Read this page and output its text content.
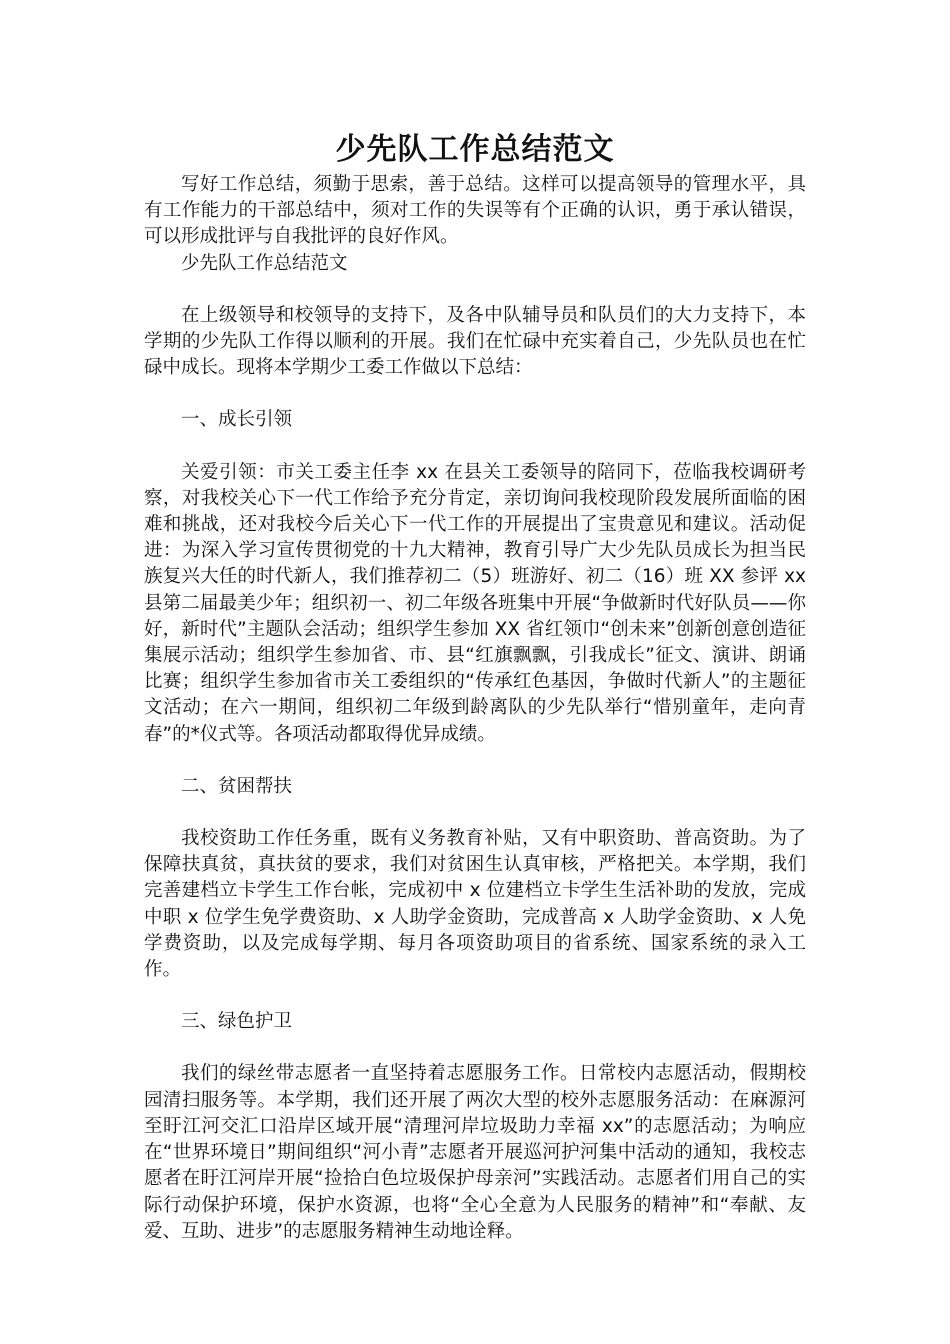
少先队工作总结范文

写好工作总结，须勤于思索，善于总结。这样可以提高领导的管理水平，具有工作能力的干部总结中，须对工作的失误等有个正确的认识，勇于承认错误，可以形成批评与自我批评的良好作风。

少先队工作总结范文

在上级领导和校领导的支持下，及各中队辅导员和队员们的大力支持下，本学期的少先队工作得以顺利的开展。我们在忙碌中充实着自己，少先队员也在忙碌中成长。现将本学期少工委工作做以下总结：

一、成长引领

关爱引领：市关工委主任李 xx 在县关工委领导的陪同下，莅临我校调研考察，对我校关心下一代工作给予充分肯定，亲切询问我校现阶段发展所面临的困难和挑战，还对我校今后关心下一代工作的开展提出了宝贵意见和建议。活动促进：为深入学习宣传贯彻党的十九大精神，教育引导广大少先队员成长为担当民族复兴大任的时代新人，我们推荐初二（5）班游好、初二（16）班 XX 参评 xx 县第二届最美少年；组织初一、初二年级各班集中开展“争做新时代好队员——你好，新时代”主题队会活动；组织学生参加 XX 省红领巾“创未来”创新创意创造征集展示活动；组织学生参加省、市、县“红旗飘飘，引我成长”征文、演讲、朗诵比赛；组织学生参加省市关工委组织的“传承红色基因，争做时代新人”的主题征文活动；在六一期间，组织初二年级到龄离队的少先队举行“惜别童年，走向青春”的*仪式等。各项活动都取得优异成绩。

二、贫困帮扶

我校资助工作任务重，既有义务教育补贴，又有中职资助、普高资助。为了保障扶真贫，真扶贫的要求，我们对贫困生认真审核，严格把关。本学期，我们完善建档立卡学生工作台帐，完成初中 x 位建档立卡学生生活补助的发放，完成中职 x 位学生免学费资助、x 人助学金资助，完成普高 x 人助学金资助、x 人免学费资助，以及完成每学期、每月各项资助项目的省系统、国家系统的录入工作。

三、绿色护卫

我们的绿丝带志愿者一直坚持着志愿服务工作。日常校内志愿活动，假期校园清扫服务等。本学期，我们还开展了两次大型的校外志愿服务活动：在麻源河至盱江河交汇口沿岸区域开展“清理河岸垃圾助力幸福 xx”的志愿活动；为响应在“世界环境日”期间组织“河小青”志愿者开展巡河护河集中活动的通知，我校志愿者在盱江河岸开展“捡拾白色垃圾保护母亲河”实践活动。志愿者们用自己的实际行动保护环境，保护水资源，也将“全心全意为人民服务的精神”和“奉献、友爱、互助、进步”的志愿服务精神生动地诠释。
